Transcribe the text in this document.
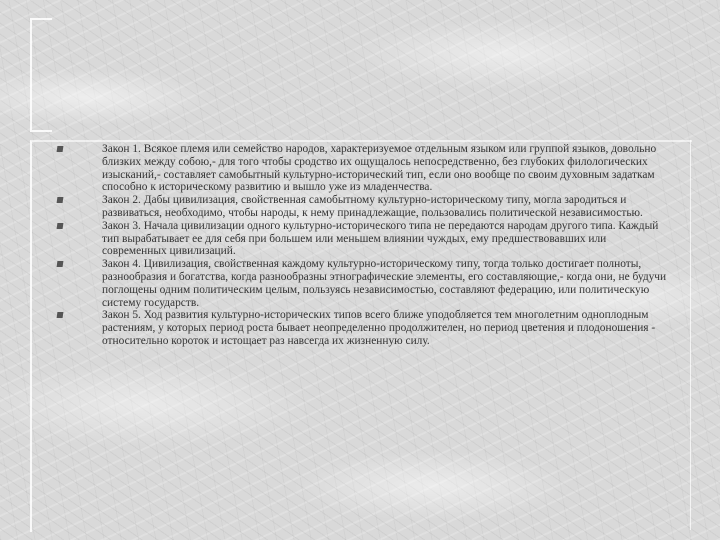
Закон 1. Всякое племя или семейство народов, характеризуемое отдельным языком или группой языков, довольно близких между собою,- для того чтобы сродство их ощущалось непосредственно, без глубоких филологических изысканий,- составляет самобытный культурно-исторический тип, если оно вообще по своим духовным задаткам способно к историческому развитию и вышло уже из младенчества.
Закон 2. Дабы цивилизация, свойственная самобытному культурно-историческому типу, могла зародиться и развиваться, необходимо, чтобы народы, к нему принадлежащие, пользовались политической независимостью.
Закон 3. Начала цивилизации одного культурно-исторического типа не передаются народам другого типа. Каждый тип вырабатывает ее для себя при большем или меньшем влиянии чуждых, ему предшествовавших или современных цивилизаций.
Закон 4. Цивилизация, свойственная каждому культурно-историческому типу, тогда только достигает полноты, разнообразия и богатства, когда разнообразны этнографические элементы, его составляющие,- когда они, не будучи поглощены одним политическим целым, пользуясь независимостью, составляют федерацию, или политическую систему государств.
Закон 5. Ход развития культурно-исторических типов всего ближе уподобляется тем многолетним одноплодным растениям, у которых период роста бывает неопределенно продолжителен, но период цветения и плодоношения - относительно короток и истощает раз навсегда их жизненную силу.
